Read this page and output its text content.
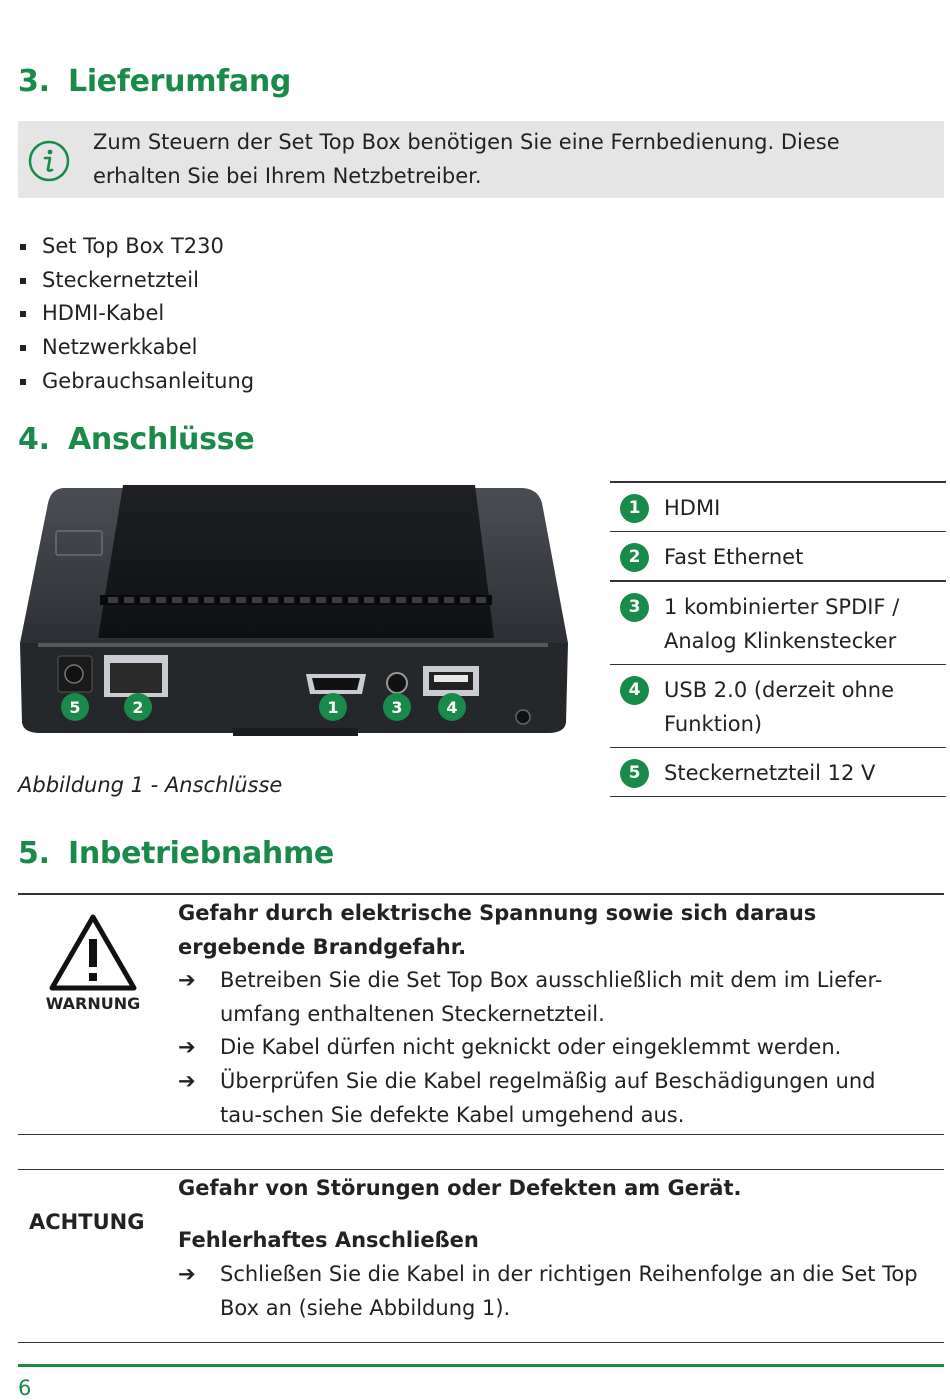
3. Lieferumfang
Zum Steuern der Set Top Box benötigen Sie eine Fernbedienung. Diese erhalten Sie bei Ihrem Netzbetreiber.
Set Top Box T230
Steckernetzteil
HDMI-Kabel
Netzwerkkabel
Gebrauchsanleitung
4. Anschlüsse
5	2	1	3	4
Abbildung 1 - Anschlüsse
1	HDMI
2	Fast Ethernet
3	1 kombinierter SPDIF / Analog Klinkenstecker
4	USB 2.0 (derzeit ohne Funktion)
5	Steckernetzteil 12 V
5. Inbetriebnahme
WARNUNG
Gefahr durch elektrische Spannung sowie sich daraus ergebende Brandgefahr.
➔ Betreiben Sie die Set Top Box ausschließlich mit dem im Liefer-umfang enthaltenen Steckernetzteil.
➔ Die Kabel dürfen nicht geknickt oder eingeklemmt werden.
➔ Überprüfen Sie die Kabel regelmäßig auf Beschädigungen und tau-schen Sie defekte Kabel umgehend aus.
ACHTUNG
Gefahr von Störungen oder Defekten am Gerät.
Fehlerhaftes Anschließen
➔ Schließen Sie die Kabel in der richtigen Reihenfolge an die Set Top Box an (siehe Abbildung 1).
6
